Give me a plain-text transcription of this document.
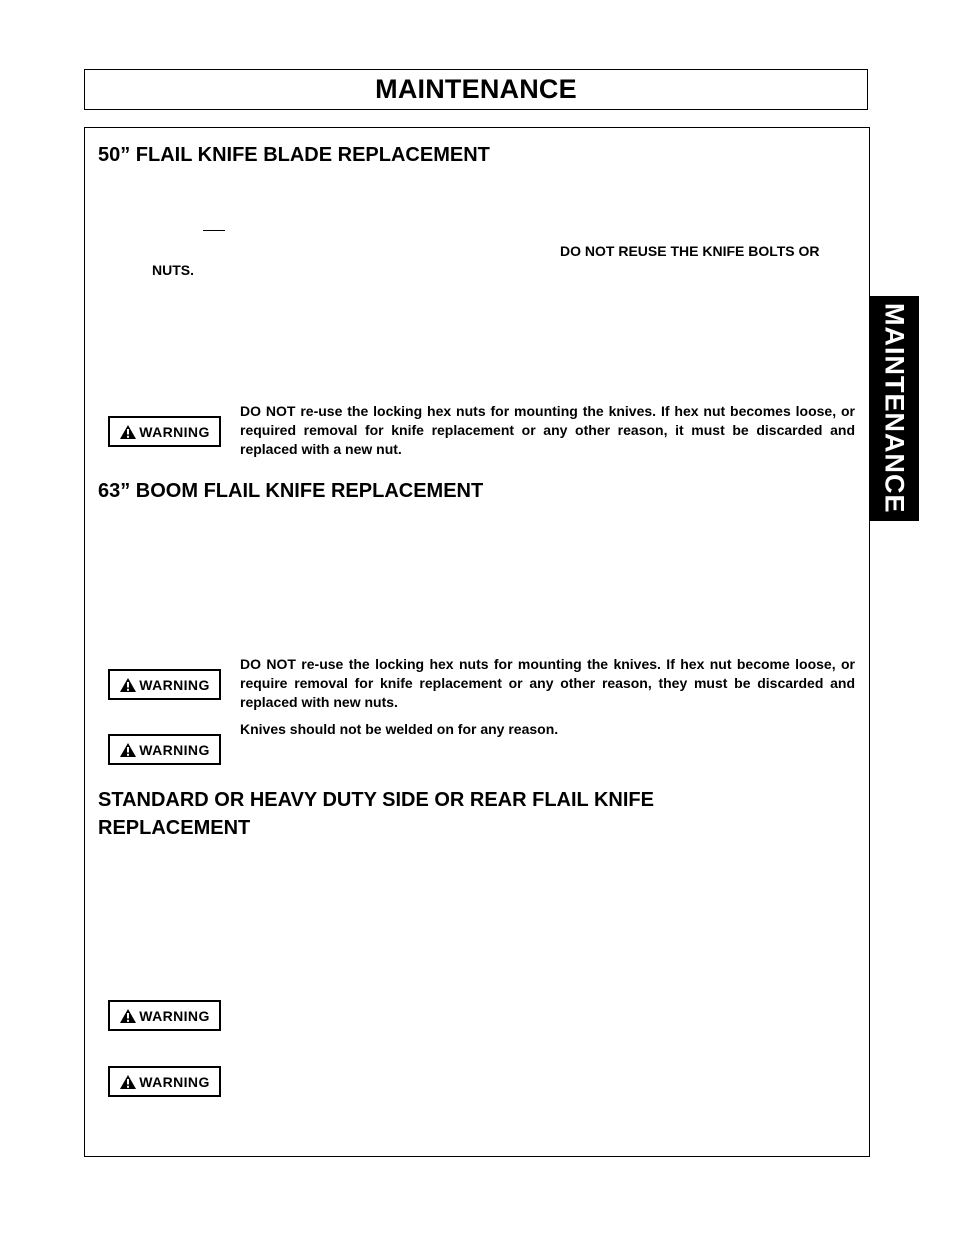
MAINTENANCE
MAINTENANCE
50” FLAIL KNIFE BLADE REPLACEMENT
DO NOT REUSE THE KNIFE BOLTS OR
NUTS.
WARNING
DO NOT re-use the locking hex nuts for mounting the knives. If hex nut becomes loose, or required removal for knife replacement or any other reason, it must be discarded and replaced with a new nut.
63” BOOM FLAIL KNIFE REPLACEMENT
WARNING
DO NOT re-use the locking hex nuts for mounting the knives. If hex nut become loose, or require removal for knife replacement or any other reason, they must be discarded and replaced with new nuts.
WARNING
Knives should not be welded on for any reason.
STANDARD OR HEAVY DUTY SIDE OR REAR FLAIL KNIFE
REPLACEMENT
WARNING
WARNING
